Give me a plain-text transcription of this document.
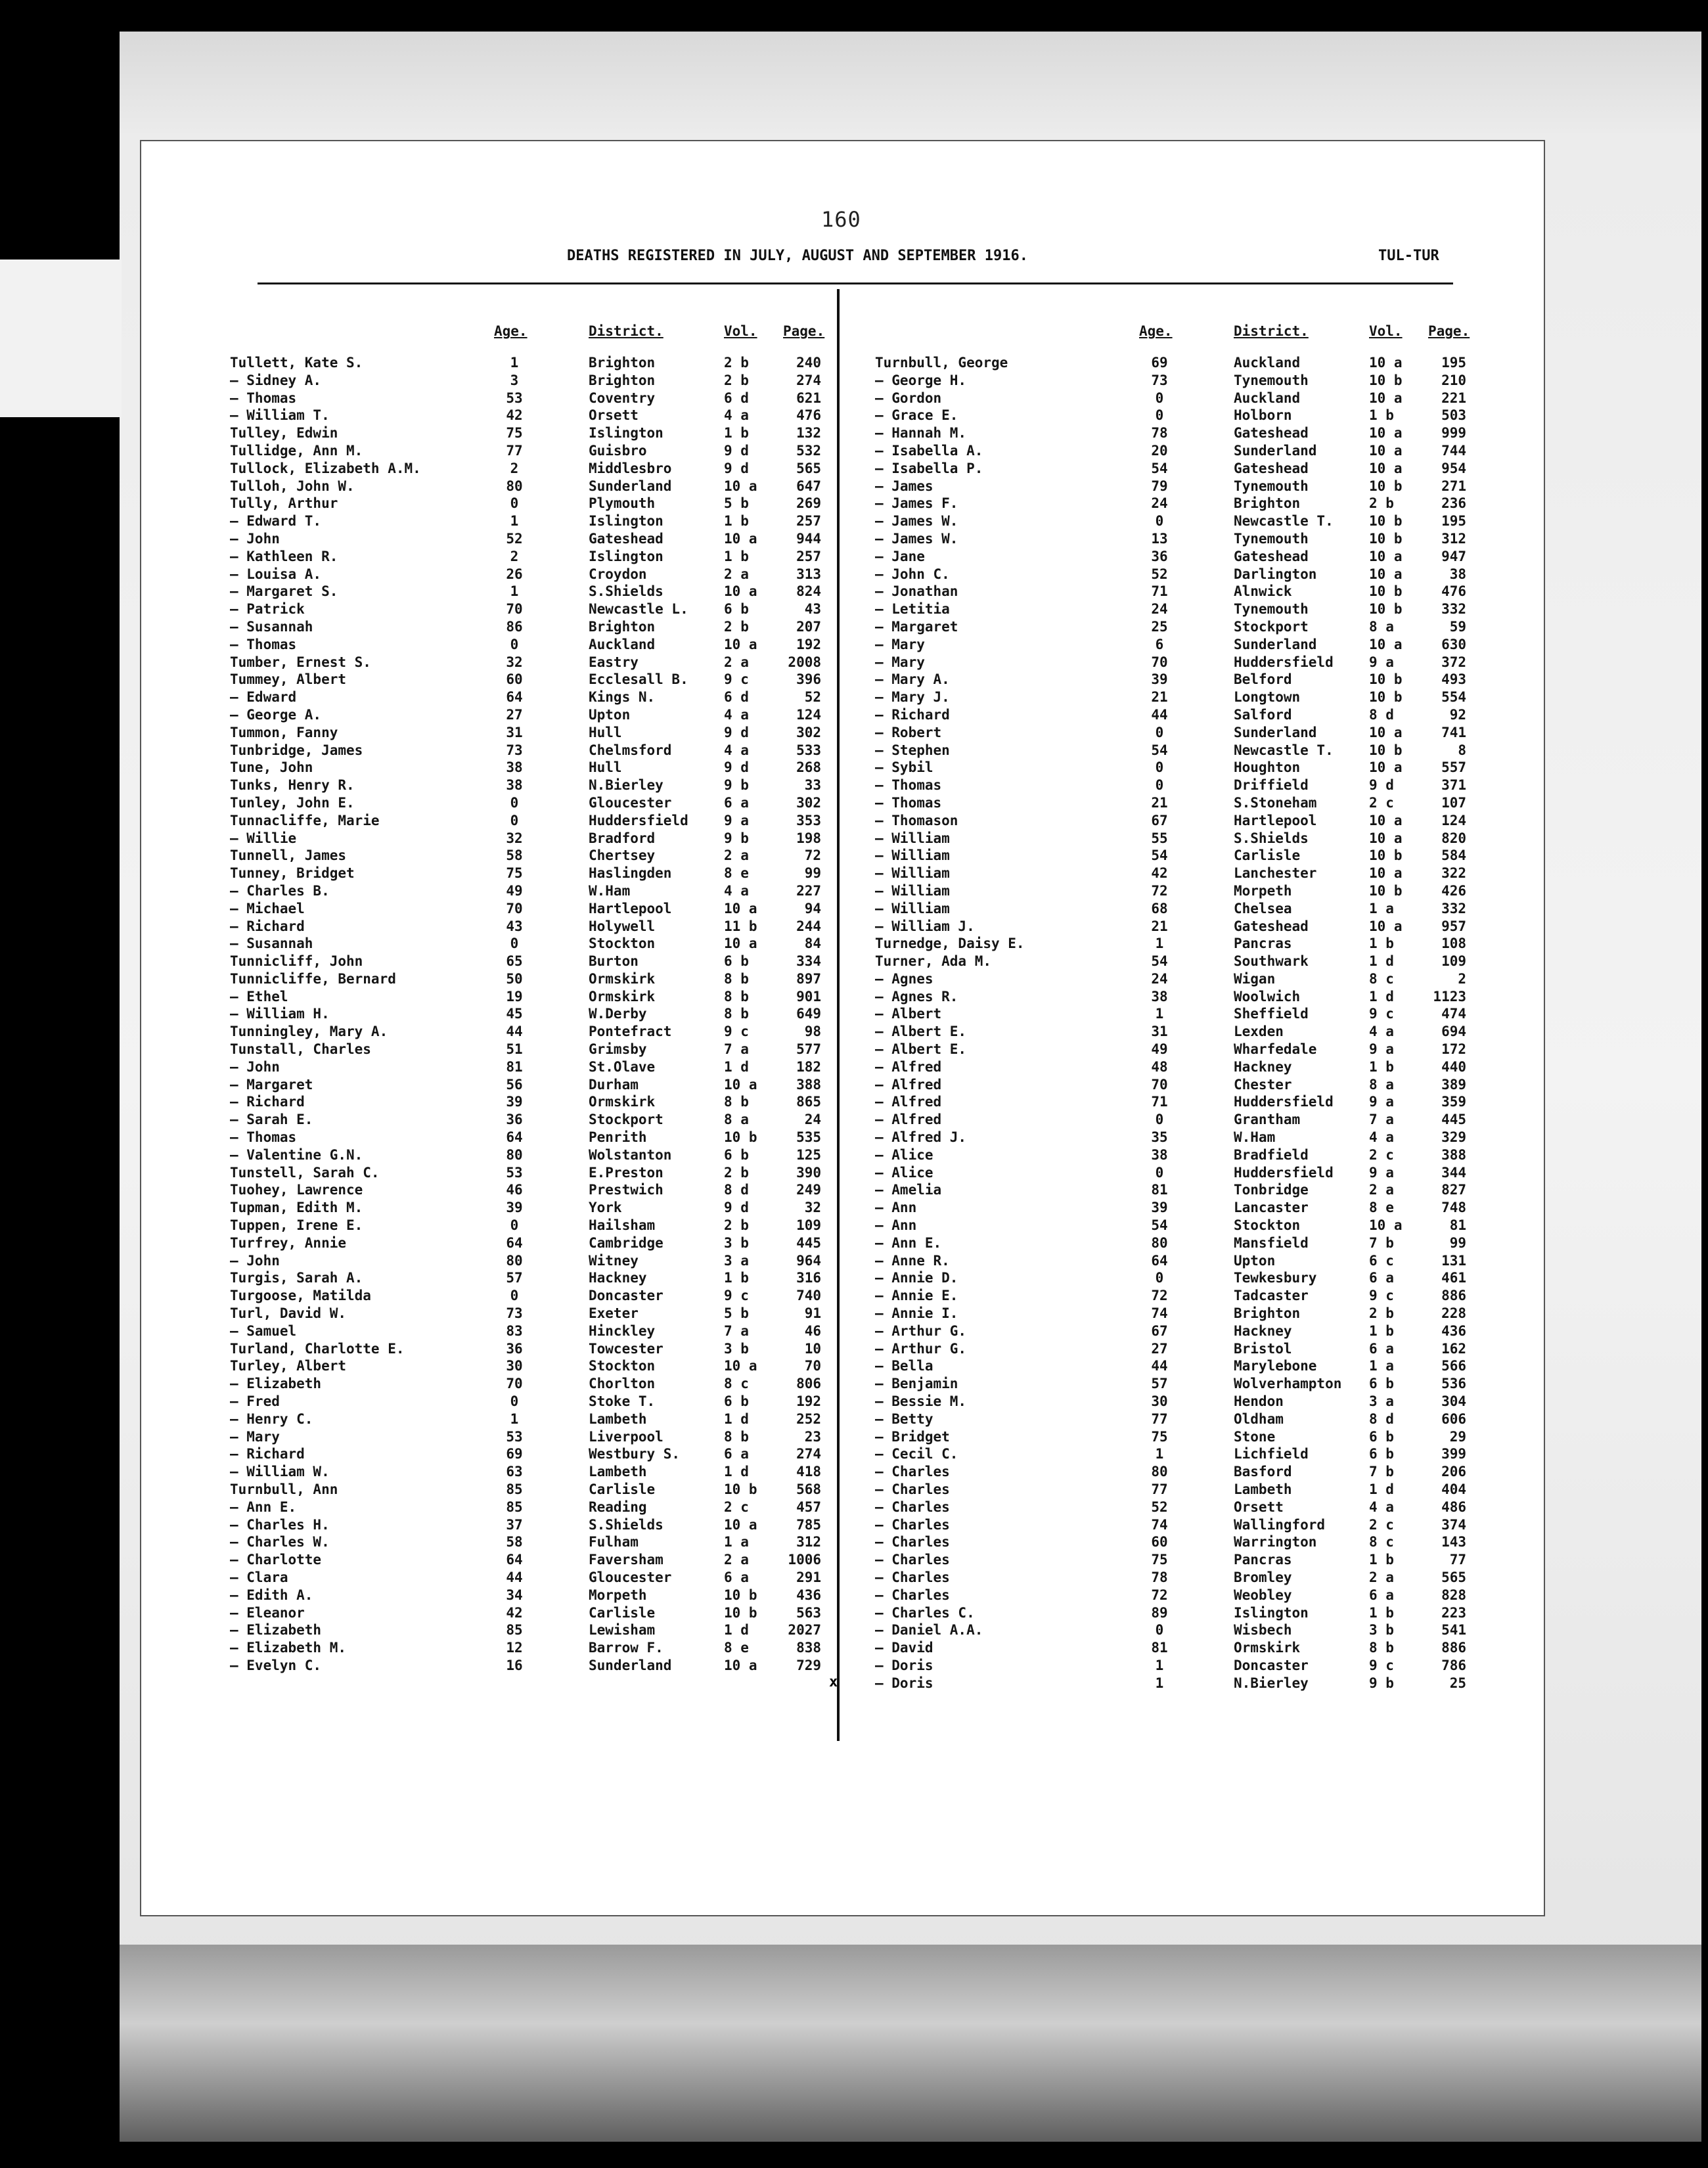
160
DEATHS REGISTERED IN JULY, AUGUST AND SEPTEMBER 1916.	TUL-TUR
Age.	District.	Vol.	Page.
Tullett, Kate S.	1	Brighton	2 b	240
— Sidney A.	3	Brighton	2 b	274
— Thomas	53	Coventry	6 d	621
— William T.	42	Orsett	4 a	476
Tulley, Edwin	75	Islington	1 b	132
Tullidge, Ann M.	77	Guisbro	9 d	532
Tullock, Elizabeth A.M.	2	Middlesbro	9 d	565
Tulloh, John W.	80	Sunderland	10 a	647
Tully, Arthur	0	Plymouth	5 b	269
— Edward T.	1	Islington	1 b	257
— John	52	Gateshead	10 a	944
— Kathleen R.	2	Islington	1 b	257
— Louisa A.	26	Croydon	2 a	313
— Margaret S.	1	S.Shields	10 a	824
— Patrick	70	Newcastle L.	6 b	43
— Susannah	86	Brighton	2 b	207
— Thomas	0	Auckland	10 a	192
Tumber, Ernest S.	32	Eastry	2 a	2008
Tummey, Albert	60	Ecclesall B.	9 c	396
— Edward	64	Kings N.	6 d	52
— George A.	27	Upton	4 a	124
Tummon, Fanny	31	Hull	9 d	302
Tunbridge, James	73	Chelmsford	4 a	533
Tune, John	38	Hull	9 d	268
Tunks, Henry R.	38	N.Bierley	9 b	33
Tunley, John E.	0	Gloucester	6 a	302
Tunnacliffe, Marie	0	Huddersfield	9 a	353
— Willie	32	Bradford	9 b	198
Tunnell, James	58	Chertsey	2 a	72
Tunney, Bridget	75	Haslingden	8 e	99
— Charles B.	49	W.Ham	4 a	227
— Michael	70	Hartlepool	10 a	94
— Richard	43	Holywell	11 b	244
— Susannah	0	Stockton	10 a	84
Tunnicliff, John	65	Burton	6 b	334
Tunnicliffe, Bernard	50	Ormskirk	8 b	897
— Ethel	19	Ormskirk	8 b	901
— William H.	45	W.Derby	8 b	649
Tunningley, Mary A.	44	Pontefract	9 c	98
Tunstall, Charles	51	Grimsby	7 a	577
— John	81	St.Olave	1 d	182
— Margaret	56	Durham	10 a	388
— Richard	39	Ormskirk	8 b	865
— Sarah E.	36	Stockport	8 a	24
— Thomas	64	Penrith	10 b	535
— Valentine G.N.	80	Wolstanton	6 b	125
Tunstell, Sarah C.	53	E.Preston	2 b	390
Tuohey, Lawrence	46	Prestwich	8 d	249
Tupman, Edith M.	39	York	9 d	32
Tuppen, Irene E.	0	Hailsham	2 b	109
Turfrey, Annie	64	Cambridge	3 b	445
— John	80	Witney	3 a	964
Turgis, Sarah A.	57	Hackney	1 b	316
Turgoose, Matilda	0	Doncaster	9 c	740
Turl, David W.	73	Exeter	5 b	91
— Samuel	83	Hinckley	7 a	46
Turland, Charlotte E.	36	Towcester	3 b	10
Turley, Albert	30	Stockton	10 a	70
— Elizabeth	70	Chorlton	8 c	806
— Fred	0	Stoke T.	6 b	192
— Henry C.	1	Lambeth	1 d	252
— Mary	53	Liverpool	8 b	23
— Richard	69	Westbury S.	6 a	274
— William W.	63	Lambeth	1 d	418
Turnbull, Ann	85	Carlisle	10 b	568
— Ann E.	85	Reading	2 c	457
— Charles H.	37	S.Shields	10 a	785
— Charles W.	58	Fulham	1 a	312
— Charlotte	64	Faversham	2 a	1006
— Clara	44	Gloucester	6 a	291
— Edith A.	34	Morpeth	10 b	436
— Eleanor	42	Carlisle	10 b	563
— Elizabeth	85	Lewisham	1 d	2027
— Elizabeth M.	12	Barrow F.	8 e	838
— Evelyn C.	16	Sunderland	10 a	729
Age.	District.	Vol.	Page.
Turnbull, George	69	Auckland	10 a	195
— George H.	73	Tynemouth	10 b	210
— Gordon	0	Auckland	10 a	221
— Grace E.	0	Holborn	1 b	503
— Hannah M.	78	Gateshead	10 a	999
— Isabella A.	20	Sunderland	10 a	744
— Isabella P.	54	Gateshead	10 a	954
— James	79	Tynemouth	10 b	271
— James F.	24	Brighton	2 b	236
— James W.	0	Newcastle T.	10 b	195
— James W.	13	Tynemouth	10 b	312
— Jane	36	Gateshead	10 a	947
— John C.	52	Darlington	10 a	38
— Jonathan	71	Alnwick	10 b	476
— Letitia	24	Tynemouth	10 b	332
— Margaret	25	Stockport	8 a	59
— Mary	6	Sunderland	10 a	630
— Mary	70	Huddersfield	9 a	372
— Mary A.	39	Belford	10 b	493
— Mary J.	21	Longtown	10 b	554
— Richard	44	Salford	8 d	92
— Robert	0	Sunderland	10 a	741
— Stephen	54	Newcastle T.	10 b	8
— Sybil	0	Houghton	10 a	557
— Thomas	0	Driffield	9 d	371
— Thomas	21	S.Stoneham	2 c	107
— Thomason	67	Hartlepool	10 a	124
— William	55	S.Shields	10 a	820
— William	54	Carlisle	10 b	584
— William	42	Lanchester	10 a	322
— William	72	Morpeth	10 b	426
— William	68	Chelsea	1 a	332
— William J.	21	Gateshead	10 a	957
Turnedge, Daisy E.	1	Pancras	1 b	108
Turner, Ada M.	54	Southwark	1 d	109
— Agnes	24	Wigan	8 c	2
— Agnes R.	38	Woolwich	1 d	1123
— Albert	1	Sheffield	9 c	474
— Albert E.	31	Lexden	4 a	694
— Albert E.	49	Wharfedale	9 a	172
— Alfred	48	Hackney	1 b	440
— Alfred	70	Chester	8 a	389
— Alfred	71	Huddersfield	9 a	359
— Alfred	0	Grantham	7 a	445
— Alfred J.	35	W.Ham	4 a	329
— Alice	38	Bradfield	2 c	388
— Alice	0	Huddersfield	9 a	344
— Amelia	81	Tonbridge	2 a	827
— Ann	39	Lancaster	8 e	748
— Ann	54	Stockton	10 a	81
— Ann E.	80	Mansfield	7 b	99
— Anne R.	64	Upton	6 c	131
— Annie D.	0	Tewkesbury	6 a	461
— Annie E.	72	Tadcaster	9 c	886
— Annie I.	74	Brighton	2 b	228
— Arthur G.	67	Hackney	1 b	436
— Arthur G.	27	Bristol	6 a	162
— Bella	44	Marylebone	1 a	566
— Benjamin	57	Wolverhampton 6 b	536
— Bessie M.	30	Hendon	3 a	304
— Betty	77	Oldham	8 d	606
— Bridget	75	Stone	6 b	29
— Cecil C.	1	Lichfield	6 b	399
— Charles	80	Basford	7 b	206
— Charles	77	Lambeth	1 d	404
— Charles	52	Orsett	4 a	486
— Charles	74	Wallingford	2 c	374
— Charles	60	Warrington	8 c	143
— Charles	75	Pancras	1 b	77
— Charles	78	Bromley	2 a	565
— Charles	72	Weobley	6 a	828
— Charles C.	89	Islington	1 b	223
— Daniel A.A.	0	Wisbech	3 b	541
— David	81	Ormskirk	8 b	886
— Doris	1	Doncaster	9 c	786
— Doris	1	N.Bierley	9 b	25
x
